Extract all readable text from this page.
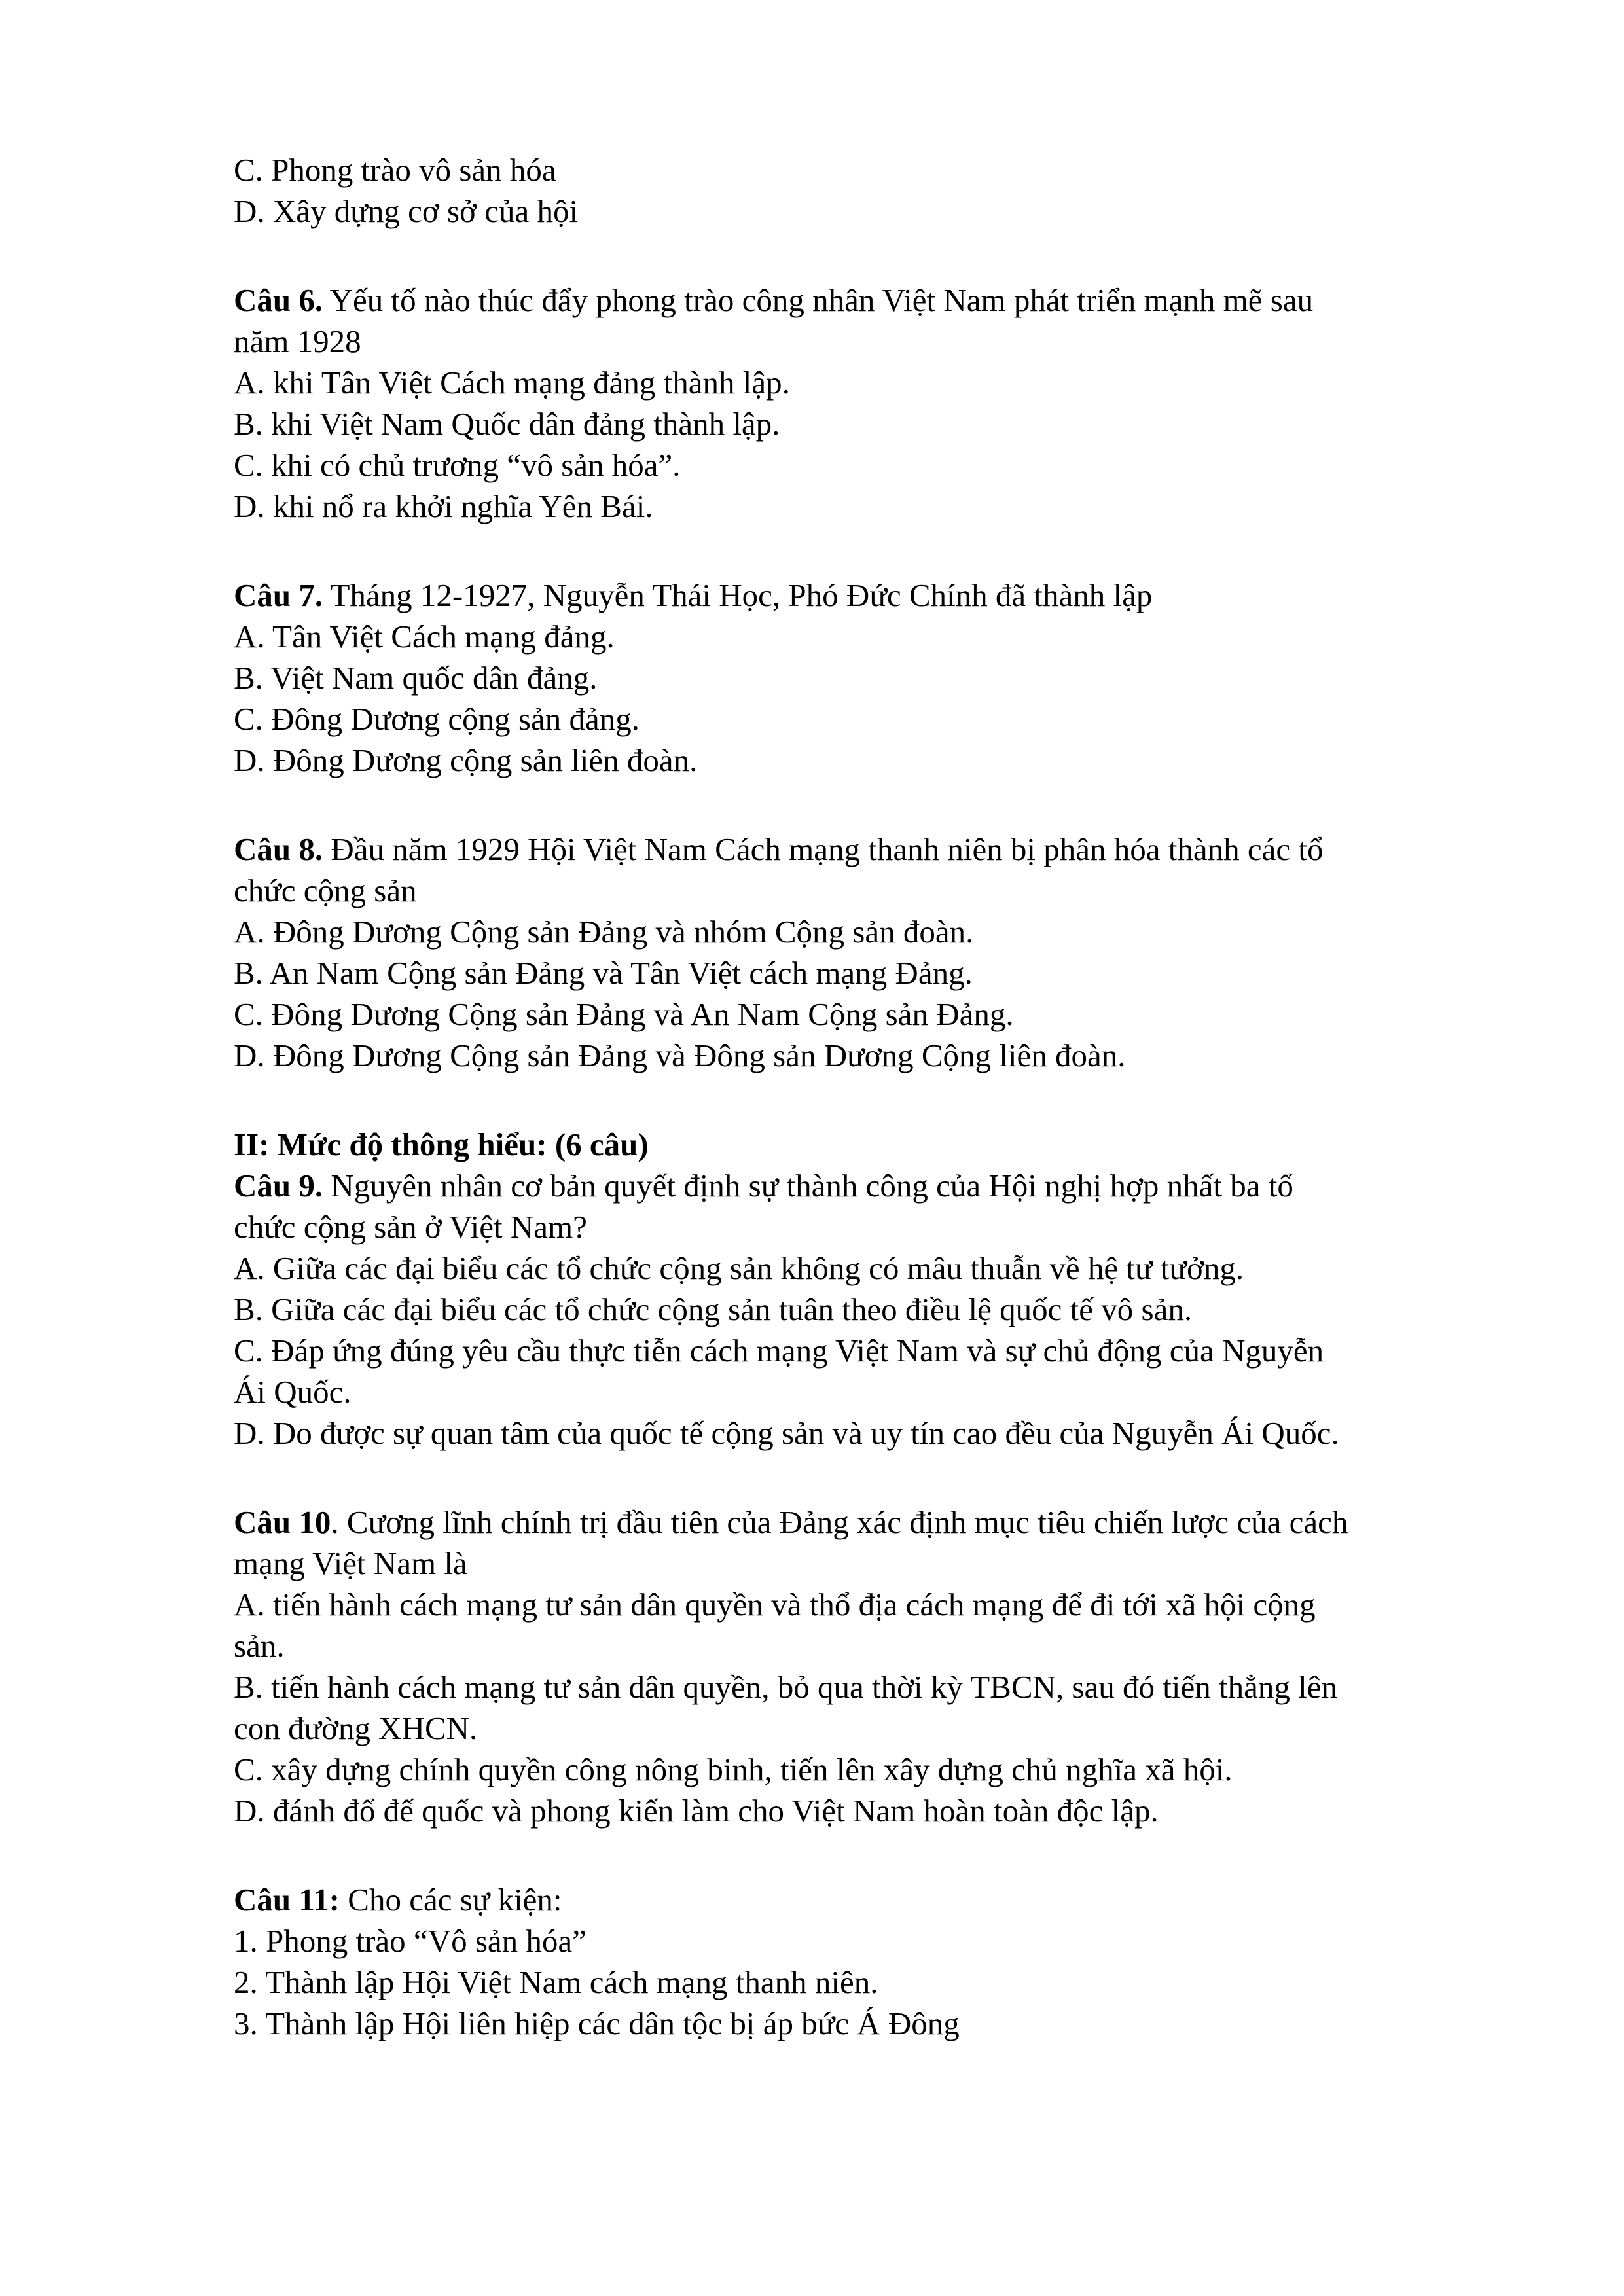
C. Phong trào vô sản hóa
D. Xây dựng cơ sở của hội
Câu 6. Yếu tố nào thúc đẩy phong trào công nhân Việt Nam phát triển mạnh mẽ sau
năm 1928
A. khi Tân Việt Cách mạng đảng thành lập.
B. khi Việt Nam Quốc dân đảng thành lập.
C. khi có chủ trương “vô sản hóa”.
D. khi nổ ra khởi nghĩa Yên Bái.
Câu 7. Tháng 12-1927, Nguyễn Thái Học, Phó Đức Chính đã thành lập
A. Tân Việt Cách mạng đảng.
B. Việt Nam quốc dân đảng.
C. Đông Dương cộng sản đảng.
D. Đông Dương cộng sản liên đoàn.
Câu 8. Đầu năm 1929 Hội Việt Nam Cách mạng thanh niên bị phân hóa thành các tổ
chức cộng sản
A. Đông Dương Cộng sản Đảng và nhóm Cộng sản đoàn.
B. An Nam Cộng sản Đảng và Tân Việt cách mạng Đảng.
C. Đông Dương Cộng sản Đảng và An Nam Cộng sản Đảng.
D. Đông Dương Cộng sản Đảng và Đông sản Dương Cộng liên đoàn.
II: Mức độ thông hiểu: (6 câu)
Câu 9. Nguyên nhân cơ bản quyết định sự thành công của Hội nghị hợp nhất ba tổ
chức cộng sản ở Việt Nam?
A. Giữa các đại biểu các tổ chức cộng sản không có mâu thuẫn về hệ tư tưởng.
B. Giữa các đại biểu các tổ chức cộng sản tuân theo điều lệ quốc tế vô sản.
C. Đáp ứng đúng yêu cầu thực tiễn cách mạng Việt Nam và sự chủ động của Nguyễn
Ái Quốc.
D. Do được sự quan tâm của quốc tế cộng sản và uy tín cao đều của Nguyễn Ái Quốc.
Câu 10. Cương lĩnh chính trị đầu tiên của Đảng xác định mục tiêu chiến lược của cách
mạng Việt Nam là
A. tiến hành cách mạng tư sản dân quyền và thổ địa cách mạng để đi tới xã hội cộng
sản.
B. tiến hành cách mạng tư sản dân quyền, bỏ qua thời kỳ TBCN, sau đó tiến thẳng lên
con đường XHCN.
C. xây dựng chính quyền công nông binh, tiến lên xây dựng chủ nghĩa xã hội.
D. đánh đổ đế quốc và phong kiến làm cho Việt Nam hoàn toàn độc lập.
Câu 11: Cho các sự kiện:
1. Phong trào “Vô sản hóa”
2. Thành lập Hội Việt Nam cách mạng thanh niên.
3. Thành lập Hội liên hiệp các dân tộc bị áp bức Á Đông
